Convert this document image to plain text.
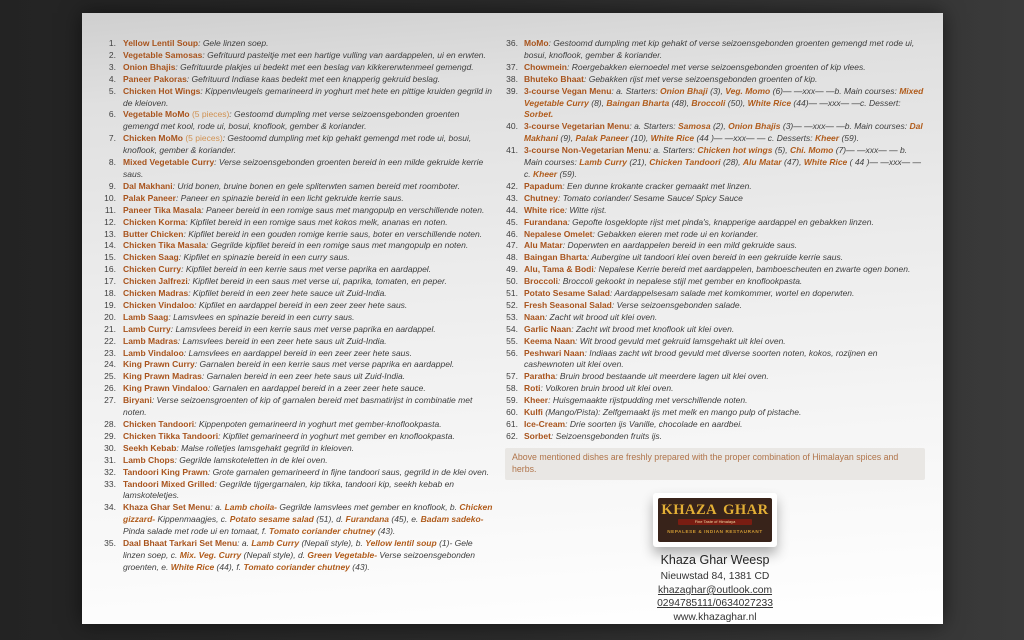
1. Yellow Lentil Soup: Gele linzen soep.
2. Vegetable Samosas: Gefrituurd pasteitje met een hartige vulling van aardappelen, ui en erwten.
3. Onion Bhajis: Gefrituurde plakjes ui bedekt met een beslag van kikkererwtenmeel gemengd.
4. Paneer Pakoras: Gefrituurd Indiase kaas bedekt met een knapperig gekruid beslag.
5. Chicken Hot Wings: Kippenvleugels gemarineerd in yoghurt met hete en pittige kruiden gegrild in de kleioven.
6. Vegetable MoMo (5 pieces): Gestoomd dumpling met verse seizoensgebonden groenten gemengd met kool, rode ui, bosui, knoflook, gember & koriander.
7. Chicken MoMo (5 pieces): Gestoomd dumpling met kip gehakt gemengd met rode ui, bosui, knoflook, gember & koriander.
8. Mixed Vegetable Curry: Verse seizoensgebonden groenten bereid in een milde gekruide kerrie saus.
9. Dal Makhani: Urid bonen, bruine bonen en gele spliterwten samen bereid met roomboter.
10. Palak Paneer: Paneer en spinazie bereid in een licht gekruide kerrie saus.
11. Paneer Tika Masala: Paneer bereid in een romige saus met mangopulp en verschillende noten.
12. Chicken Korma: Kipfilet bereid in een romige saus met kokos melk, ananas en noten.
13. Butter Chicken: Kipfilet bereid in een gouden romige kerrie saus, boter en verschillende noten.
14. Chicken Tika Masala: Gegrilde kipfilet bereid in een romige saus met mangopulp en noten.
15. Chicken Saag: Kipfilet en spinazie bereid in een curry saus.
16. Chicken Curry: Kipfilet bereid in een kerrie saus met verse paprika en aardappel.
17. Chicken Jalfrezi: Kipfilet bereid in een saus met verse ui, paprika, tomaten, en peper.
18. Chicken Madras: Kipfilet bereid in een zeer hete sauce uit Zuid-India.
19. Chicken Vindaloo: Kipfilet en aardappel bereid in een zeer zeer hete saus.
20. Lamb Saag: Lamsvlees en spinazie bereid in een curry saus.
21. Lamb Curry: Lamsvlees bereid in een kerrie saus met verse paprika en aardappel.
22. Lamb Madras: Lamsvlees bereid in een zeer hete saus uit Zuid-India.
23. Lamb Vindaloo: Lamsvlees en aardappel bereid in een zeer zeer hete saus.
24. King Prawn Curry: Garnalen bereid in een kerrie saus met verse paprika en aardappel.
25. King Prawn Madras: Garnalen bereid in een zeer hete saus uit Zuid-India.
26. King Prawn Vindaloo: Garnalen en aardappel bereid in a zeer zeer hete sauce.
27. Biryani: Verse seizoensgroenten of kip of garnalen bereid met basmatirijst in combinatie met noten.
28. Chicken Tandoori: Kippenpoten gemarineerd in yoghurt met gember-knoflookpasta.
29. Chicken Tikka Tandoori: Kipfilet gemarineerd in yoghurt met gember en knoflookpasta.
30. Seekh Kebab: Malse rolletjes lamsgehakt gegrild in kleioven.
31. Lamb Chops: Gegrilde lamskoteletten in de klei oven.
32. Tandoori King Prawn: Grote garnalen gemarineerd in fijne tandoori saus, gegrild in de klei oven.
33. Tandoori Mixed Grilled: Gegrilde tijgergarnalen, kip tikka, tandoori kip, seekh kebab en lamskoteletjes.
34. Khaza Ghar Set Menu: a. Lamb choila- Gegrilde lamsvlees met gember en knoflook, b. Chicken gizzard- Kippenmaagjes, c. Potato sesame salad (51), d. Furandana (45), e. Badam sadeko- Pinda salade met rode ui en tomaat, f. Tomato coriander chutney (43).
35. Daal Bhaat Tarkari Set Menu: a. Lamb Curry (Nepali style), b. Yellow lentil soup (1)- Gele linzen soep, c. Mix. Veg. Curry (Nepali style), d. Green Vegetable- Verse seizoensgebonden groenten, e. White Rice (44), f. Tomato coriander chutney (43).
36. MoMo: Gestoomd dumpling met kip gehakt of verse seizoensgebonden groenten gemengd met rode ui, bosui, knoflook, gember & koriander.
37. Chowmein: Roergebakken eiernoedel met verse seizoensgebonden groenten of kip vlees.
38. Bhuteko Bhaat: Gebakken rijst met verse seizoensgebonden groenten of kip.
39. 3-course Vegan Menu: a. Starters: Onion Bhaji (3), Veg. Momo (6)— —xxx— —b. Main courses: Mixed Vegetable Curry (8), Baingan Bharta (48), Broccoli (50), White Rice (44)— —xxx— —c. Dessert: Sorbet.
40. 3-course Vegetarian Menu: a. Starters: Samosa (2), Onion Bhajis (3)— —xxx— —b. Main courses: Dal Makhani (9), Palak Paneer (10), White Rice (44 )— —xxx— — c. Desserts: Kheer (59).
41. 3-course Non-Vegetarian Menu: a. Starters: Chicken hot wings (5), Chi. Momo (7)— —xxx— — b. Main courses: Lamb Curry (21), Chicken Tandoori (28), Alu Matar (47), White Rice ( 44 )— —xxx— — c. Kheer (59).
42. Papadum: Een dunne krokante cracker gemaakt met linzen.
43. Chutney: Tomato coriander/ Sesame Sauce/ Spicy Sauce
44. White rice: Witte rijst.
45. Furandana: Gepofte losgeklopte rijst met pinda's, knapperige aardappel en gebakken linzen.
46. Nepalese Omelet: Gebakken eieren met rode ui en koriander.
47. Alu Matar: Doperwten en aardappelen bereid in een mild gekruide saus.
48. Baingan Bharta: Aubergine uit tandoori klei oven bereid in een gekruide kerrie saus.
49. Alu, Tama & Bodi: Nepalese Kerrie bereid met aardappelen, bamboescheuten en zwarte ogen bonen.
50. Broccoli: Broccoli gekookt in nepalese stijl met gember en knoflookpasta.
51. Potato Sesame Salad: Aardappelsesam salade met komkommer, wortel en doperwten.
52. Fresh Seasonal Salad: Verse seizoensgebonden salade.
53. Naan: Zacht wit brood uit klei oven.
54. Garlic Naan: Zacht wit brood met knoflook uit klei oven.
55. Keema Naan: Wit brood gevuld met gekruid lamsgehakt uit klei oven.
56. Peshwari Naan: Indiaas zacht wit brood gevuld met diverse soorten noten, kokos, rozijnen en cashewnoten uit klei oven.
57. Paratha: Bruin brood bestaande uit meerdere lagen uit klei oven.
58. Roti: Volkoren bruin brood uit klei oven.
59. Kheer: Huisgemaakte rijstpudding met verschillende noten.
60. Kulfi (Mango/Pista): Zelfgemaakt ijs met melk en mango pulp of pistache.
61. Ice-Cream: Drie soorten ijs Vanille, chocolade en aardbei.
62. Sorbet: Seizoensgebonden fruits ijs.
Above mentioned dishes are freshly prepared with the proper combination of Himalayan spices and herbs.
KHAZA GHAR
Fine Taste of Himalaya
NEPALESE & INDIAN RESTAURANT
Khaza Ghar Weesp
Nieuwstad 84, 1381 CD
khazaghar@outlook.com
0294785111/0634027233
www.khazaghar.nl
